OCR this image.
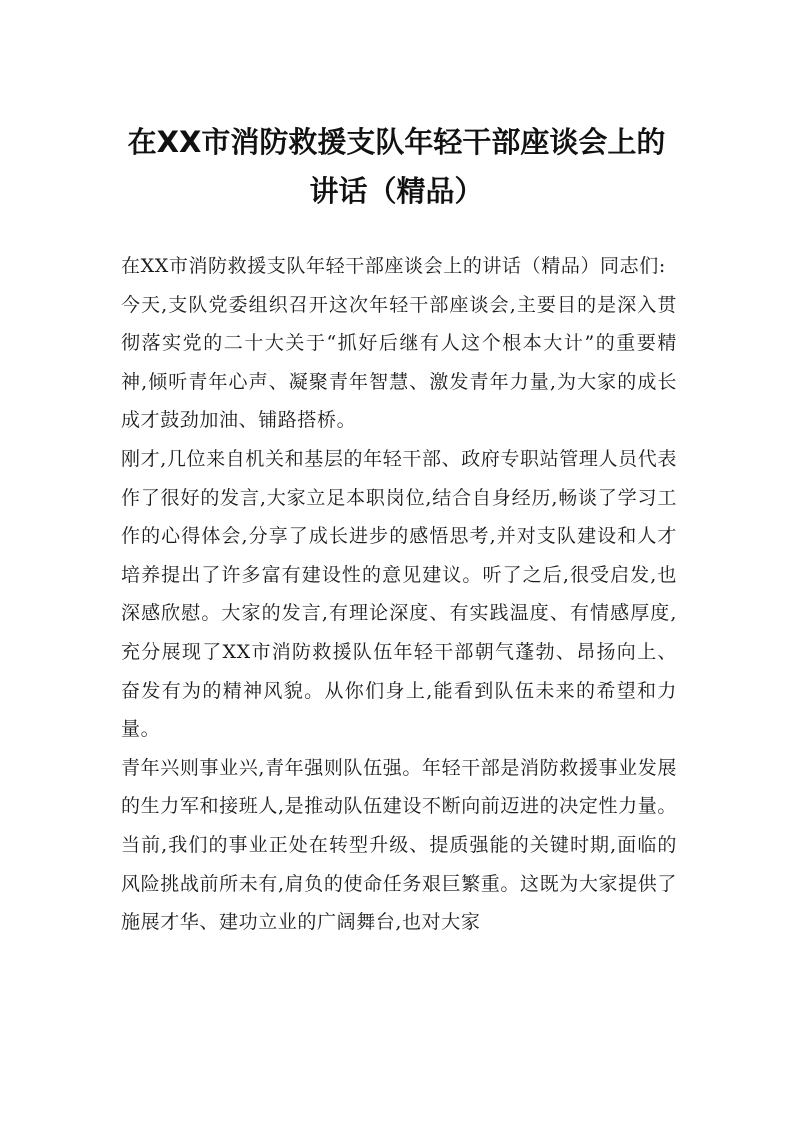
在XX市消防救援支队年轻干部座谈会上的
讲话（精品）

在XX市消防救援支队年轻干部座谈会上的讲话（精品）同志们:

今天,支队党委组织召开这次年轻干部座谈会,主要目的是深入贯彻落实党的二十大关于“抓好后继有人这个根本大计”的重要精神,倾听青年心声、凝聚青年智慧、激发青年力量,为大家的成长成才鼓劲加油、铺路搭桥。

刚才,几位来自机关和基层的年轻干部、政府专职站管理人员代表作了很好的发言,大家立足本职岗位,结合自身经历,畅谈了学习工作的心得体会,分享了成长进步的感悟思考,并对支队建设和人才培养提出了许多富有建设性的意见建议。听了之后,很受启发,也深感欣慰。大家的发言,有理论深度、有实践温度、有情感厚度,充分展现了XX市消防救援队伍年轻干部朝气蓬勃、昂扬向上、奋发有为的精神风貌。从你们身上,能看到队伍未来的希望和力量。

青年兴则事业兴,青年强则队伍强。年轻干部是消防救援事业发展的生力军和接班人,是推动队伍建设不断向前迈进的决定性力量。当前,我们的事业正处在转型升级、提质强能的关键时期,面临的风险挑战前所未有,肩负的使命任务艰巨繁重。这既为大家提供了施展才华、建功立业的广阔舞台,也对大家
